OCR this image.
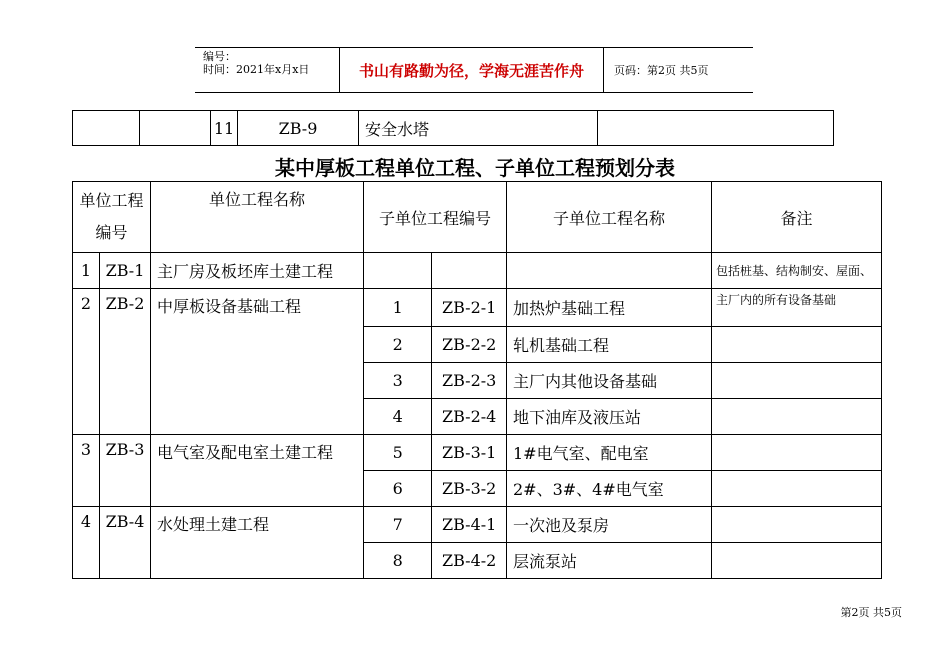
编号：
时间：2021年x月x日	书山有路勤为径，学海无涯苦作舟	页码：第2页 共5页
		11	ZB-9	安全水塔	
某中厚板工程单位工程、子单位工程预划分表
单位工程编号		单位工程名称	子单位工程编号		子单位工程名称	备注
1	ZB-1	主厂房及板坯库土建工程				包括桩基、结构制安、屋面、
2	ZB-2	中厚板设备基础工程	1	ZB-2-1	加热炉基础工程	主厂内的所有设备基础
			2	ZB-2-2	轧机基础工程	
			3	ZB-2-3	主厂内其他设备基础	
			4	ZB-2-4	地下油库及液压站	
3	ZB-3	电气室及配电室土建工程	5	ZB-3-1	1#电气室、配电室	
			6	ZB-3-2	2#、3#、4#电气室	
4	ZB-4	水处理土建工程	7	ZB-4-1	一次池及泵房	
			8	ZB-4-2	层流泵站	
第2页 共5页
